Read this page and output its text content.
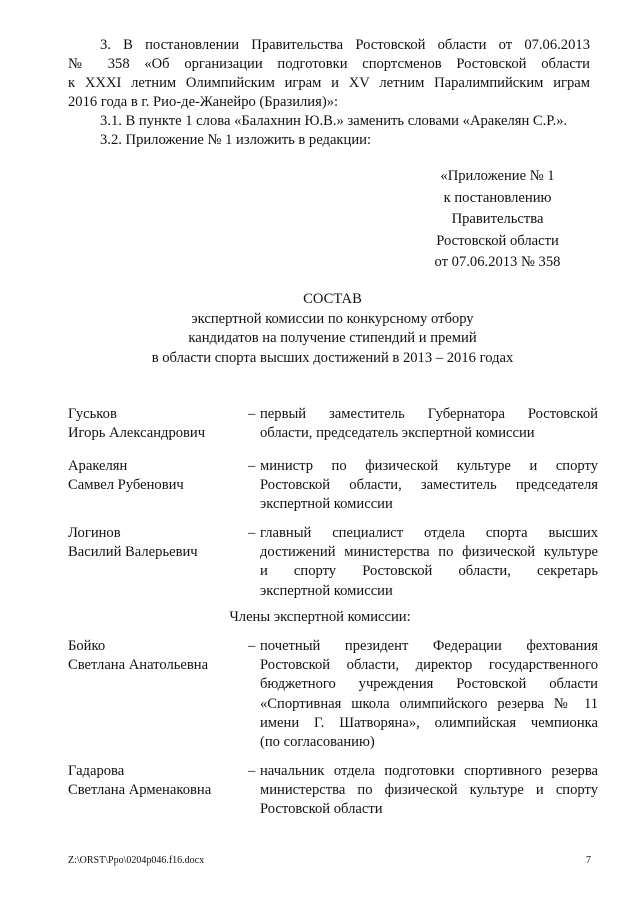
3. В постановлении Правительства Ростовской области от 07.06.2013

№ 358 «Об организации подготовки спортсменов Ростовской области

к XXXI летним Олимпийским играм и XV летним Паралимпийским играм

2016 года в г. Рио-де-Жанейро (Бразилия)»:

3.1. В пункте 1 слова «Балахнин Ю.В.» заменить словами «Аракелян С.Р.».

3.2. Приложение № 1 изложить в редакции:

«Приложение № 1
к постановлению
Правительства
Ростовской области
от 07.06.2013 № 358
СОСТАВ
экспертной комиссии по конкурсному отбору
кандидатов на получение стипендий и премий
в области спорта высших достижений в 2013 – 2016 годах
Гуськов
Игорь Александрович
– первый заместитель Губернатора Ростовской
области, председатель экспертной комиссии
Аракелян
Самвел Рубенович
– министр по физической культуре и спорту
Ростовской области, заместитель председателя
экспертной комиссии
Логинов
Василий Валерьевич
– главный специалист отдела спорта высших
достижений министерства по физической культуре
и спорту Ростовской области, секретарь
экспертной комиссии
Члены экспертной комиссии:
Бойко
Светлана Анатольевна
– почетный президент Федерации фехтования
Ростовской области, директор государственного
бюджетного учреждения Ростовской области
«Спортивная школа олимпийского резерва № 11
имени Г. Шатворяна», олимпийская чемпионка
(по согласованию)
Гадарова
Светлана Арменаковна
– начальник отдела подготовки спортивного резерва
министерства по физической культуре и спорту
Ростовской области
Z:\ORST\Ppo\0204p046.f16.docx	7
